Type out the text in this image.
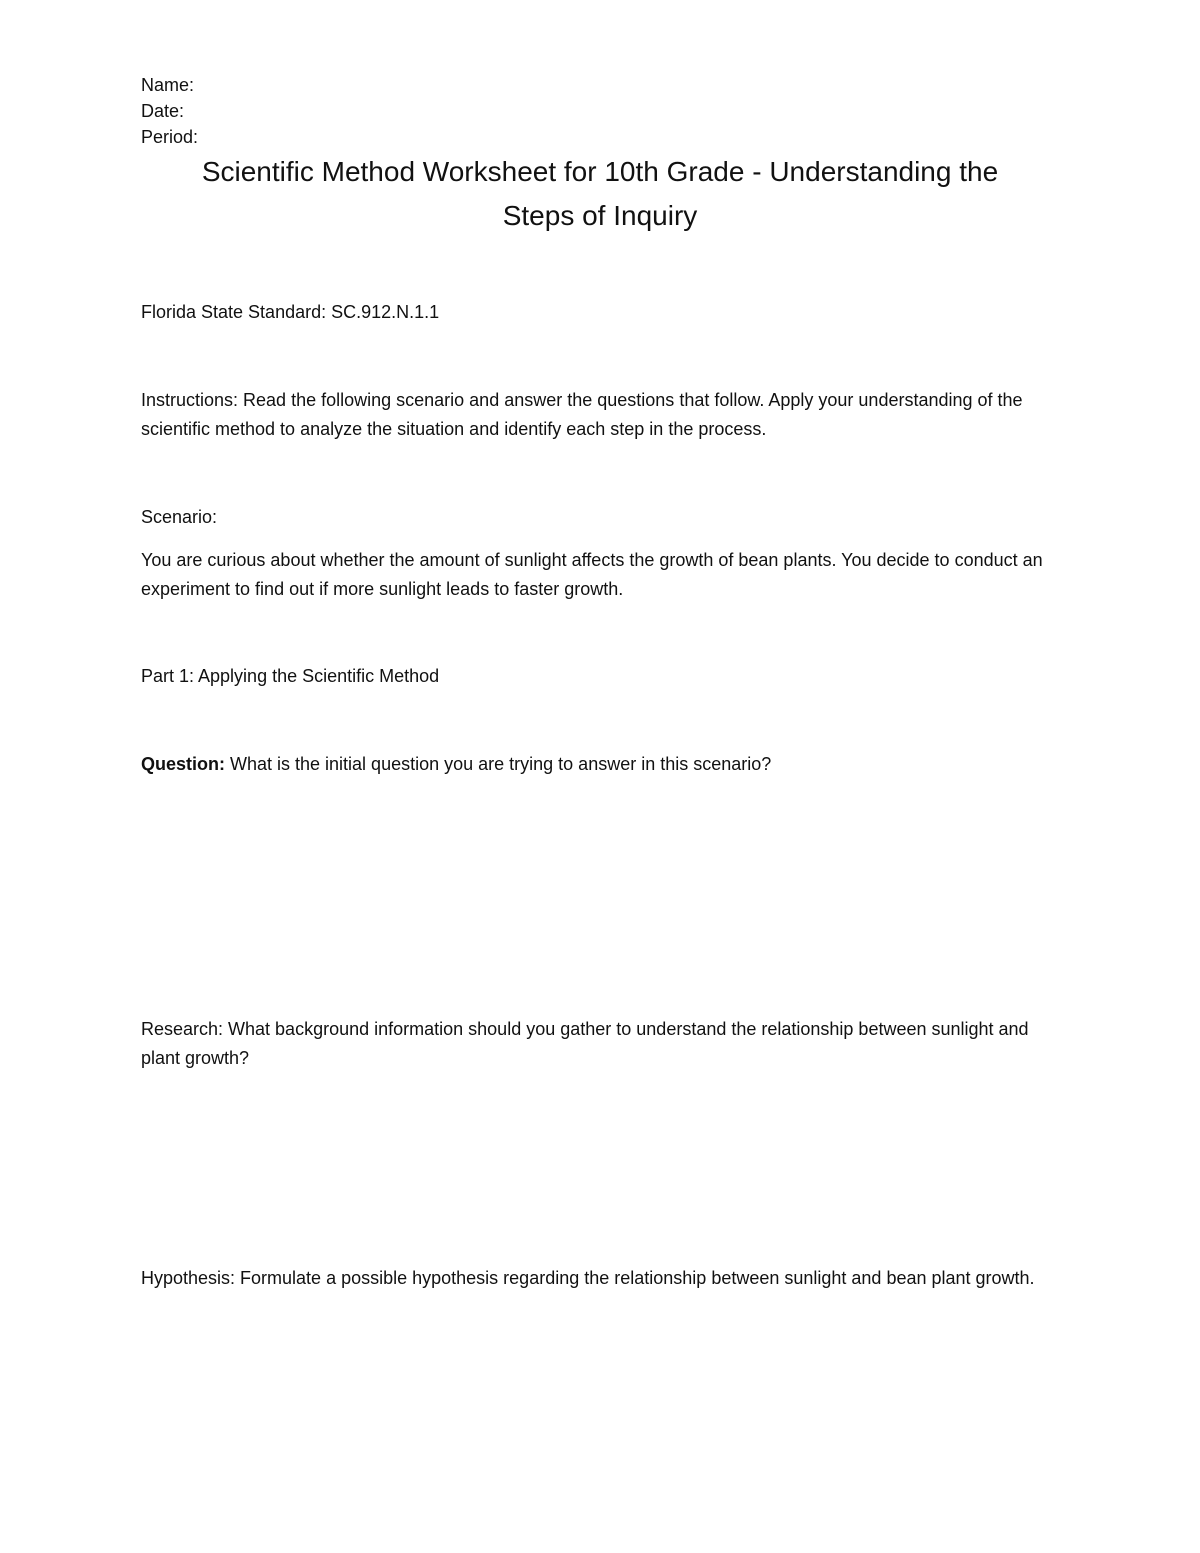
Name:
Date:
Period:
Scientific Method Worksheet for 10th Grade - Understanding the
Steps of Inquiry
Florida State Standard: SC.912.N.1.1
Instructions: Read the following scenario and answer the questions that follow. Apply your understanding of the scientific method to analyze the situation and identify each step in the process.
Scenario:
You are curious about whether the amount of sunlight affects the growth of bean plants. You decide to conduct an experiment to find out if more sunlight leads to faster growth.
Part 1: Applying the Scientific Method
Question: What is the initial question you are trying to answer in this scenario?
Research: What background information should you gather to understand the relationship between sunlight and plant growth?
Hypothesis: Formulate a possible hypothesis regarding the relationship between sunlight and bean plant growth.
